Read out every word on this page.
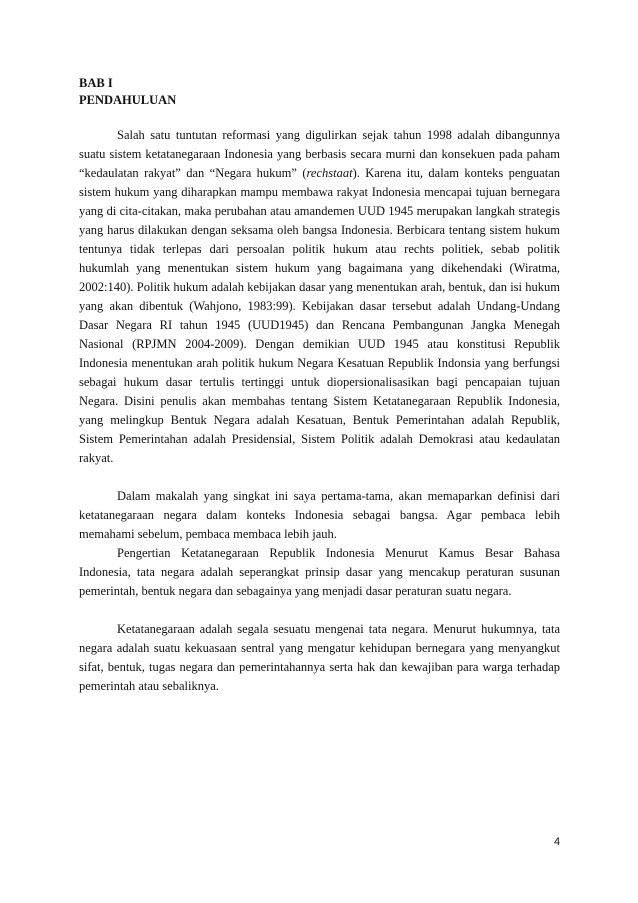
BAB I
PENDAHULUAN

Salah satu tuntutan reformasi yang digulirkan sejak tahun 1998 adalah dibangunnya suatu sistem ketatanegaraan Indonesia yang berbasis secara murni dan konsekuen pada paham “kedaulatan rakyat” dan “Negara hukum” (rechstaat). Karena itu, dalam konteks penguatan sistem hukum yang diharapkan mampu membawa rakyat Indonesia mencapai tujuan bernegara yang di cita-citakan, maka perubahan atau amandemen UUD 1945 merupakan langkah strategis yang harus dilakukan dengan seksama oleh bangsa Indonesia. Berbicara tentang sistem hukum tentunya tidak terlepas dari persoalan politik hukum atau rechts politiek, sebab politik hukumlah yang menentukan sistem hukum yang bagaimana yang dikehendaki (Wiratma, 2002:140). Politik hukum adalah kebijakan dasar yang menentukan arah, bentuk, dan isi hukum yang akan dibentuk (Wahjono, 1983:99). Kebijakan dasar tersebut adalah Undang-Undang Dasar Negara RI tahun 1945 (UUD1945) dan Rencana Pembangunan Jangka Menegah Nasional (RPJMN 2004-2009). Dengan demikian UUD 1945 atau konstitusi Republik Indonesia menentukan arah politik hukum Negara Kesatuan Republik Indonsia yang berfungsi sebagai hukum dasar tertulis tertinggi untuk diopersionalisasikan bagi pencapaian tujuan Negara. Disini penulis akan membahas tentang Sistem Ketatanegaraan Republik Indonesia, yang melingkup Bentuk Negara adalah Kesatuan, Bentuk Pemerintahan adalah Republik, Sistem Pemerintahan adalah Presidensial, Sistem Politik adalah Demokrasi atau kedaulatan rakyat.

Dalam makalah yang singkat ini saya pertama-tama, akan memaparkan definisi dari ketatanegaraan negara dalam konteks Indonesia sebagai bangsa. Agar pembaca lebih memahami sebelum, pembaca membaca lebih jauh.

Pengertian Ketatanegaraan Republik Indonesia Menurut Kamus Besar Bahasa Indonesia, tata negara adalah seperangkat prinsip dasar yang mencakup peraturan susunan pemerintah, bentuk negara dan sebagainya yang menjadi dasar peraturan suatu negara.

Ketatanegaraan adalah segala sesuatu mengenai tata negara. Menurut hukumnya, tata negara adalah suatu kekuasaan sentral yang mengatur kehidupan bernegara yang menyangkut sifat, bentuk, tugas negara dan pemerintahannya serta hak dan kewajiban para warga terhadap pemerintah atau sebaliknya.

4
